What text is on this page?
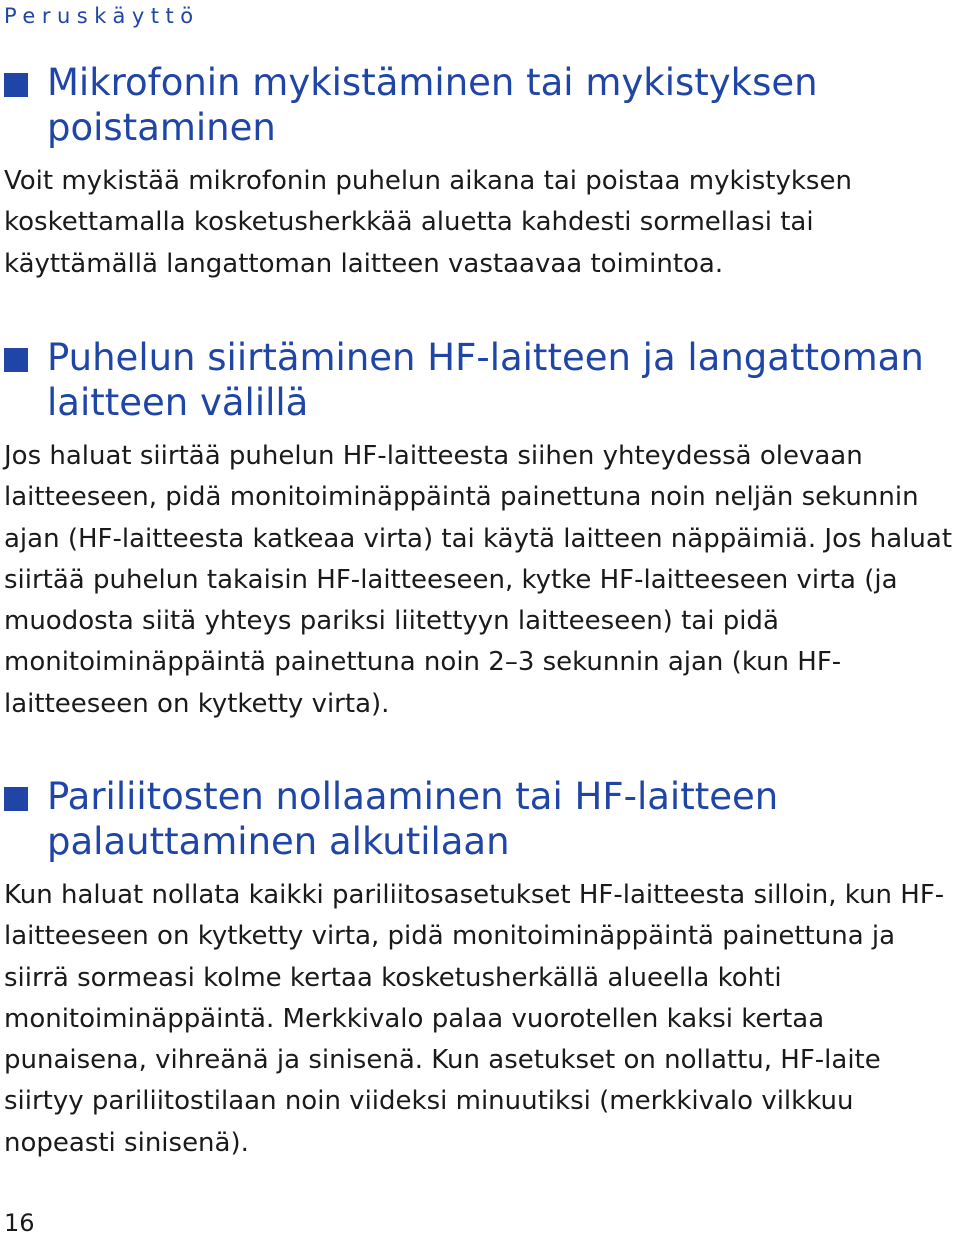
Peruskäyttö

Mikrofonin mykistäminen tai mykistyksen poistaminen

Voit mykistää mikrofonin puhelun aikana tai poistaa mykistyksen koskettamalla kosketusherkkää aluetta kahdesti sormellasi tai käyttämällä langattoman laitteen vastaavaa toimintoa.

Puhelun siirtäminen HF-laitteen ja langattoman laitteen välillä

Jos haluat siirtää puhelun HF-laitteesta siihen yhteydessä olevaan laitteeseen, pidä monitoiminäppäintä painettuna noin neljän sekunnin ajan (HF-laitteesta katkeaa virta) tai käytä laitteen näppäimiä. Jos haluat siirtää puhelun takaisin HF-laitteeseen, kytke HF-laitteeseen virta (ja muodosta siitä yhteys pariksi liitettyyn laitteeseen) tai pidä monitoiminäppäintä painettuna noin 2–3 sekunnin ajan (kun HF-laitteeseen on kytketty virta).

Pariliitosten nollaaminen tai HF-laitteen palauttaminen alkutilaan

Kun haluat nollata kaikki pariliitosasetukset HF-laitteesta silloin, kun HF-laitteeseen on kytketty virta, pidä monitoiminäppäintä painettuna ja siirrä sormeasi kolme kertaa kosketusherkällä alueella kohti monitoiminäppäintä. Merkkivalo palaa vuorotellen kaksi kertaa punaisena, vihreänä ja sinisenä. Kun asetukset on nollattu, HF-laite siirtyy pariliitostilaan noin viideksi minuutiksi (merkkivalo vilkkuu nopeasti sinisenä).

16
